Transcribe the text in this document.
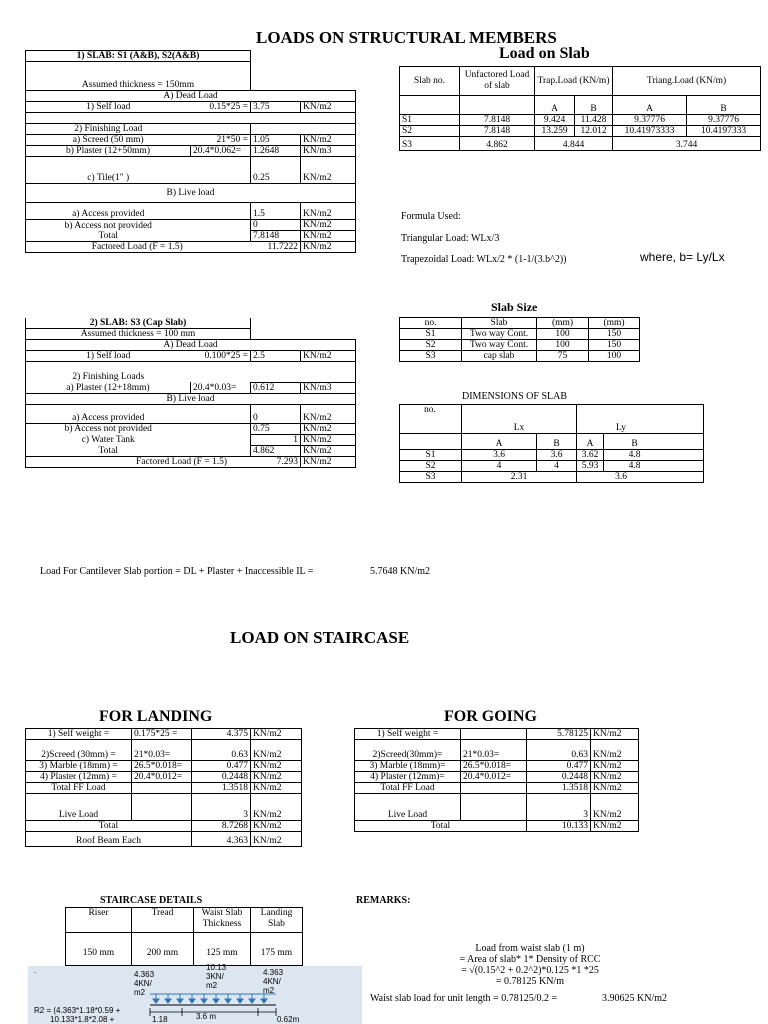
LOADS ON STRUCTURAL MEMBERS
1) SLAB: S1 (A&B), S2(A&B)			
Assumed thickness = 150mm			
A) Dead Load			
1) Self load	0.15*25 =	3.75	KN/m2

2) Finishing Load			
a) Screed (50 mm)	21*50 =	1.05	KN/m2
b) Plaster (12+50mm)	20.4*0.062=	1.2648	KN/m3
c) Tile(1" )		0.25	KN/m2
B) Live load			
a) Access provided		1.5	KN/m2
b) Access not provided		0	KN/m2
Total		7.8148	KN/m2
Factored Load (F = 1.5)		11.7222	KN/m2
2) SLAB: S3 (Cap Slab)			
Assumed thickness = 100 mm			
A) Dead Load			
1) Self load	0.100*25 =	2.5	KN/m2
2) Finishing Loads			
a) Plaster (12+18mm)	20.4*0.03=	0.612	KN/m3
B) Live load			
a) Access provided		0	KN/m2
b) Access not provided		0.75	KN/m2
c) Water Tank		1	KN/m2
Total		4.862	KN/m2
Factored Load (F = 1.5)		7.293	KN/m2
Load on Slab
Slab no.	Unfactored Load of slab	Trap.Load (KN/m)		Triang.Load (KN/m)	
		A	B	A	B
S1	7.8148	9.424	11.428	9.37776	9.37776
S2	7.8148	13.259	12.012	10.41973333	10.4197333
S3	4.862	4.844		3.744	
Formula Used:
Triangular Load: WLx/3
Trapezoidal Load: WLx/2 * (1-1/(3.b^2))	where, b= Ly/Lx
Slab Size
no.	Slab	(mm)	(mm)
S1	Two way Cont.	100	150
S2	Two way Cont.	100	150
S3	cap slab	75	100
DIMENSIONS OF SLAB
no.				
	Lx		Ly	
	A	B	A	B
S1	3.6	3.6	3.62	4.8
S2	4	4	5.93	4.8
S3	2.31		3.6	
Load For Cantilever Slab portion = DL + Plaster + Inaccessible IL =	5.7648 KN/m2
LOAD ON STAIRCASE
FOR LANDING
1) Self weight =	0.175*25 =	4.375	KN/m2
2)Screed (30mm) =	21*0.03=	0.63	KN/m2
3) Marble (18mm) =	26.5*0.018=	0.477	KN/m2
4) Plaster (12mm) =	20.4*0.012=	0.2448	KN/m2
Total FF Load		1.3518	KN/m2
Live Load		3	KN/m2
Total		8.7268	KN/m2
Roof Beam Each		4.363	KN/m2
FOR GOING
1) Self weight =		5.78125	KN/m2
2)Screed(30mm)=	21*0.03=	0.63	KN/m2
3) Marble (18mm)=	26.5*0.018=	0.477	KN/m2
4) Plaster (12mm)=	20.4*0.012=	0.2448	KN/m2
Total FF Load		1.3518	KN/m2
Live Load		3	KN/m2
Total		10.133	KN/m2
STAIRCASE DETAILS
Riser	Tread	Waist Slab Thickness	Landing Slab
150 mm	200 mm	125 mm	175 mm
REMARKS:
Load from waist slab (1 m)
= Area of slab* 1* Density of RCC
= √(0.15^2 + 0.2^2)*0.125 *1 *25
= 0.78125 KN/m
Waist slab load for unit length = 0.78125/0.2 =	3.90625 KN/m2
.	4.363
4KN/
m2
10.13
3KN/
m2
4.363
4KN/
m2
R2 = (4.363*1.18*0.59 +
10.133*1.8*2.08 +	1.18	3.6 m	0.62m
